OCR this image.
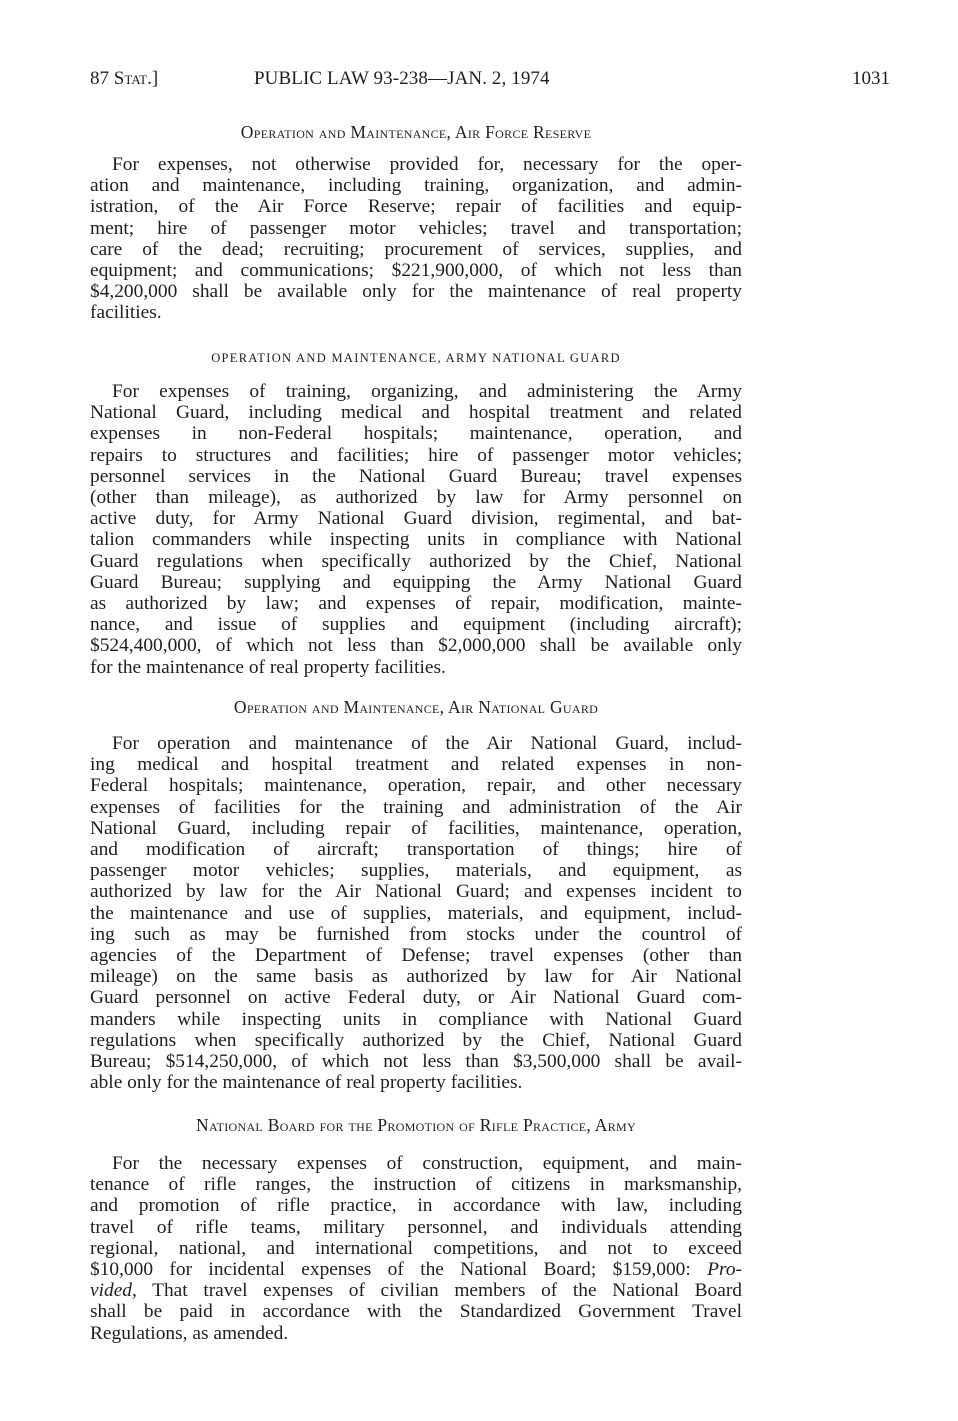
87 Stat.]	PUBLIC LAW 93-238—JAN. 2, 1974	1031
Operation and Maintenance, Air Force Reserve
For expenses, not otherwise provided for, necessary for the oper-
ation and maintenance, including training, organization, and admin-
istration, of the Air Force Reserve; repair of facilities and equip-
ment; hire of passenger motor vehicles; travel and transportation;
care of the dead; recruiting; procurement of services, supplies, and
equipment; and communications; $221,900,000, of which not less than
$4,200,000 shall be available only for the maintenance of real property
facilities.
OPERATION AND MAINTENANCE, ARMY NATIONAL GUARD
For expenses of training, organizing, and administering the Army
National Guard, including medical and hospital treatment and related
expenses in non-Federal hospitals; maintenance, operation, and
repairs to structures and facilities; hire of passenger motor vehicles;
personnel services in the National Guard Bureau; travel expenses
(other than mileage), as authorized by law for Army personnel on
active duty, for Army National Guard division, regimental, and bat-
talion commanders while inspecting units in compliance with National
Guard regulations when specifically authorized by the Chief, National
Guard Bureau; supplying and equipping the Army National Guard
as authorized by law; and expenses of repair, modification, mainte-
nance, and issue of supplies and equipment (including aircraft);
$524,400,000, of which not less than $2,000,000 shall be available only
for the maintenance of real property facilities.
Operation and Maintenance, Air National Guard
For operation and maintenance of the Air National Guard, includ-
ing medical and hospital treatment and related expenses in non-
Federal hospitals; maintenance, operation, repair, and other necessary
expenses of facilities for the training and administration of the Air
National Guard, including repair of facilities, maintenance, operation,
and modification of aircraft; transportation of things; hire of
passenger motor vehicles; supplies, materials, and equipment, as
authorized by law for the Air National Guard; and expenses incident to
the maintenance and use of supplies, materials, and equipment, includ-
ing such as may be furnished from stocks under the countrol of
agencies of the Department of Defense; travel expenses (other than
mileage) on the same basis as authorized by law for Air National
Guard personnel on active Federal duty, or Air National Guard com-
manders while inspecting units in compliance with National Guard
regulations when specifically authorized by the Chief, National Guard
Bureau; $514,250,000, of which not less than $3,500,000 shall be avail-
able only for the maintenance of real property facilities.
National Board for the Promotion of Rifle Practice, Army
For the necessary expenses of construction, equipment, and main-
tenance of rifle ranges, the instruction of citizens in marksmanship,
and promotion of rifle practice, in accordance with law, including
travel of rifle teams, military personnel, and individuals attending
regional, national, and international competitions, and not to exceed
$10,000 for incidental expenses of the National Board; $159,000: Pro-
vided, That travel expenses of civilian members of the National Board
shall be paid in accordance with the Standardized Government Travel
Regulations, as amended.
